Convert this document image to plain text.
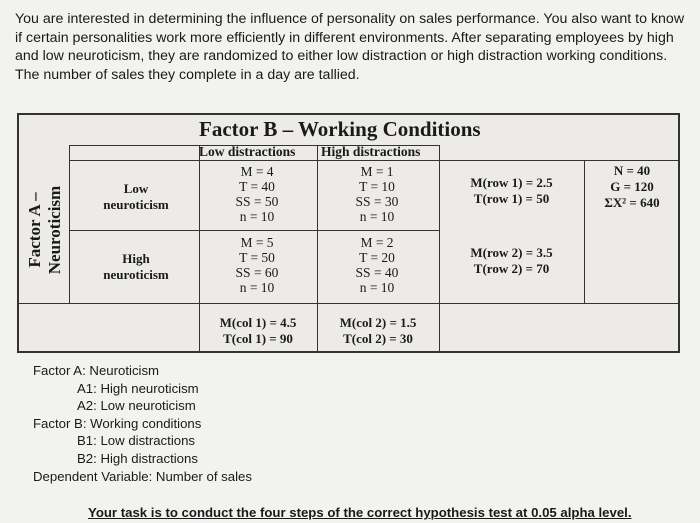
You are interested in determining the influence of personality on sales performance. You also want to know if certain personalities work more efficiently in different environments. After separating employees by high and low neuroticism, they are randomized to either low distraction or high distraction working conditions. The number of sales they complete in a day are tallied.
Factor B – Working Conditions
Low distractions High distractions
Factor A – Neuroticism	Low
neuroticism
M = 4
T = 40
SS = 50
n = 10
M = 1
T = 10
SS = 30
n = 10
M(row 1) = 2.5
T(row 1) = 50
High
neuroticism
M = 5
T = 50
SS = 60
n = 10
M = 2
T = 20
SS = 40
n = 10
M(row 2) = 3.5
T(row 2) = 70
N = 40
G = 120
ΣX² = 640
M(col 1) = 4.5
T(col 1) = 90
M(col 2) = 1.5
T(col 2) = 30
Factor A: Neuroticism
A1: High neuroticism
A2: Low neuroticism
Factor B: Working conditions
B1: Low distractions
B2: High distractions
Dependent Variable: Number of sales
Your task is to conduct the four steps of the correct hypothesis test at 0.05 alpha level.
